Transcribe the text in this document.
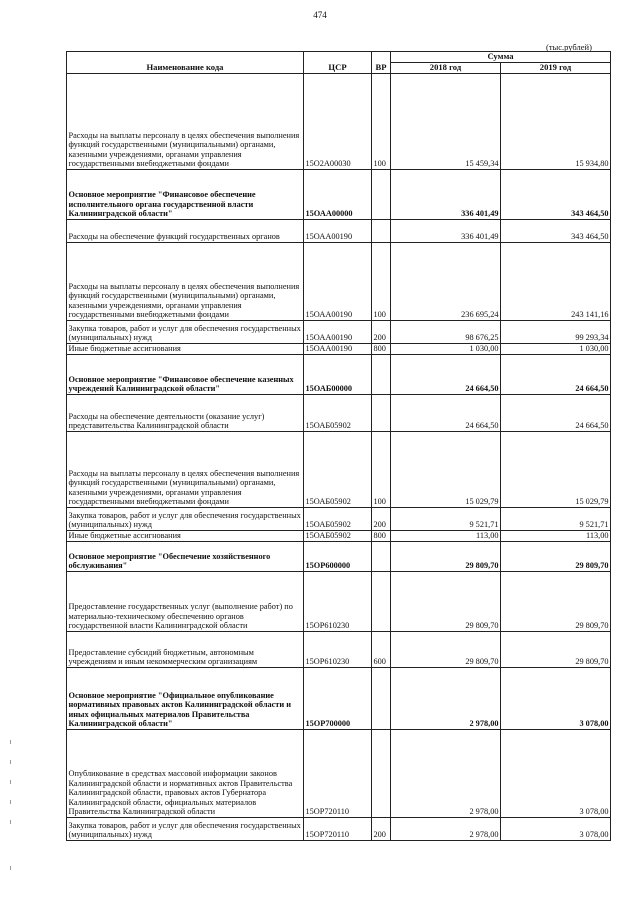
474
(тыс.рублей)
Наименование кода	ЦСР	ВР	Сумма	
			2018 год	2019 год
Расходы на выплаты персоналу в целях обеспечения выполнения функций государственными (муниципальными) органами, казенными учреждениями, органами управления государственными внебюджетными фондами	15О2А00030	100	15 459,34	15 934,80
Основное мероприятие "Финансовое обеспечение исполнительного органа государственной власти Калининградской области"	15ОАА00000		336 401,49	343 464,50
Расходы на обеспечение функций государственных органов	15ОАА00190		336 401,49	343 464,50
Расходы на выплаты персоналу в целях обеспечения выполнения функций государственными (муниципальными) органами, казенными учреждениями, органами управления государственными внебюджетными фондами	15ОАА00190	100	236 695,24	243 141,16
Закупка товаров, работ и услуг для обеспечения государственных (муниципальных) нужд	15ОАА00190	200	98 676,25	99 293,34
Иные бюджетные ассигнования	15ОАА00190	800	1 030,00	1 030,00
Основное мероприятие "Финансовое обеспечение казенных учреждений Калининградской области"	15ОАБ00000		24 664,50	24 664,50
Расходы на обеспечение деятельности (оказание услуг) представительства Калининградской области	15ОАБ05902		24 664,50	24 664,50
Расходы на выплаты персоналу в целях обеспечения выполнения функций государственными (муниципальными) органами, казенными учреждениями, органами управления государственными внебюджетными фондами	15ОАБ05902	100	15 029,79	15 029,79
Закупка товаров, работ и услуг для обеспечения государственных (муниципальных) нужд	15ОАБ05902	200	9 521,71	9 521,71
Иные бюджетные ассигнования	15ОАБ05902	800	113,00	113,00
Основное мероприятие "Обеспечение хозяйственного обслуживания"	15ОР600000		29 809,70	29 809,70
Предоставление государственных услуг (выполнение работ) по материально-техническому обеспечению органов государственной власти Калининградской области	15ОР610230		29 809,70	29 809,70
Предоставление субсидий бюджетным, автономным учреждениям и иным некоммерческим организациям	15ОР610230	600	29 809,70	29 809,70
Основное мероприятие "Официальное опубликование нормативных правовых актов Калининградской области и иных официальных материалов Правительства Калининградской области"	15ОР700000		2 978,00	3 078,00
Опубликование в средствах массовой информации законов Калининградской области и нормативных актов Правительства Калининградской области, правовых актов Губернатора Калининградской области, официальных материалов Правительства Калининградской области	15ОР720110		2 978,00	3 078,00
Закупка товаров, работ и услуг для обеспечения государственных (муниципальных) нужд	15ОР720110	200	2 978,00	3 078,00
